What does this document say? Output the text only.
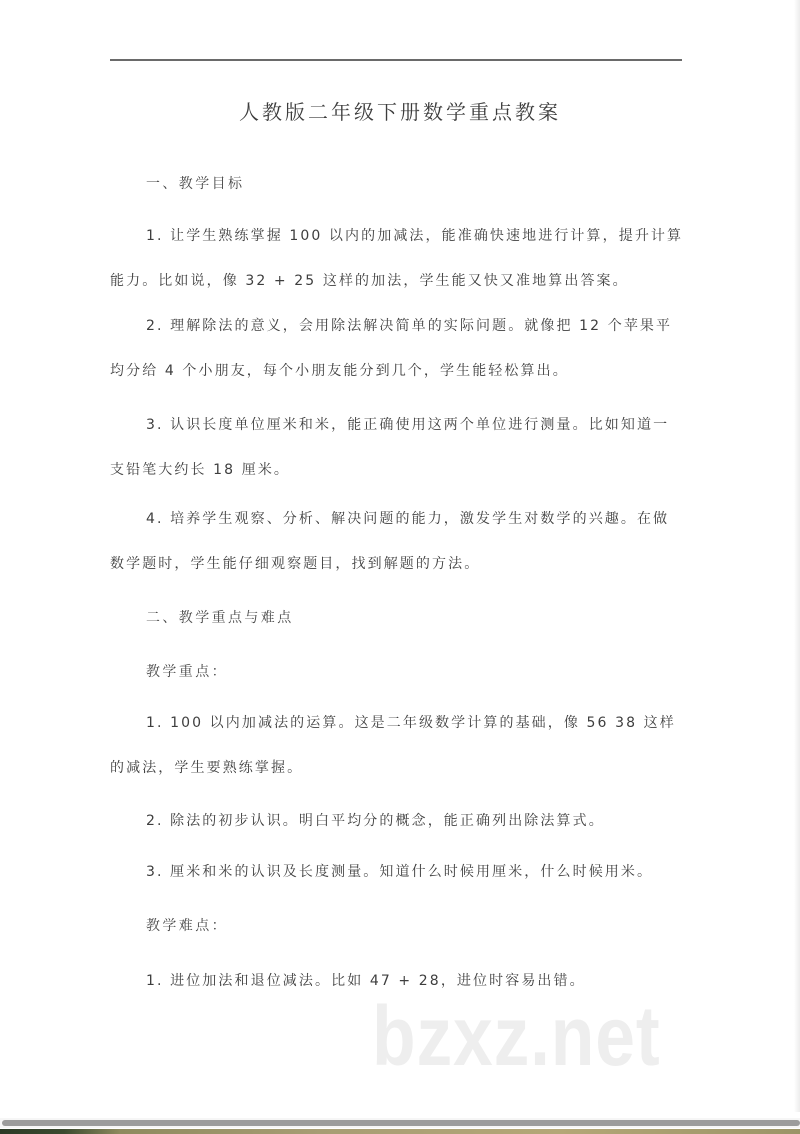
人教版二年级下册数学重点教案
一、教学目标

1. 让学生熟练掌握 100 以内的加减法，能准确快速地进行计算，提升计算能力。比如说，像 32 + 25 这样的加法，学生能又快又准地算出答案。

2. 理解除法的意义，会用除法解决简单的实际问题。就像把 12 个苹果平均分给 4 个小朋友，每个小朋友能分到几个，学生能轻松算出。

3. 认识长度单位厘米和米，能正确使用这两个单位进行测量。比如知道一支铅笔大约长 18 厘米。

4. 培养学生观察、分析、解决问题的能力，激发学生对数学的兴趣。在做数学题时，学生能仔细观察题目，找到解题的方法。

二、教学重点与难点
教学重点：

1. 100 以内加减法的运算。这是二年级数学计算的基础，像 56 38 这样的减法，学生要熟练掌握。

2. 除法的初步认识。明白平均分的概念，能正确列出除法算式。

3. 厘米和米的认识及长度测量。知道什么时候用厘米，什么时候用米。

教学难点：

1. 进位加法和退位减法。比如 47 + 28，进位时容易出错。

bzxz.net
